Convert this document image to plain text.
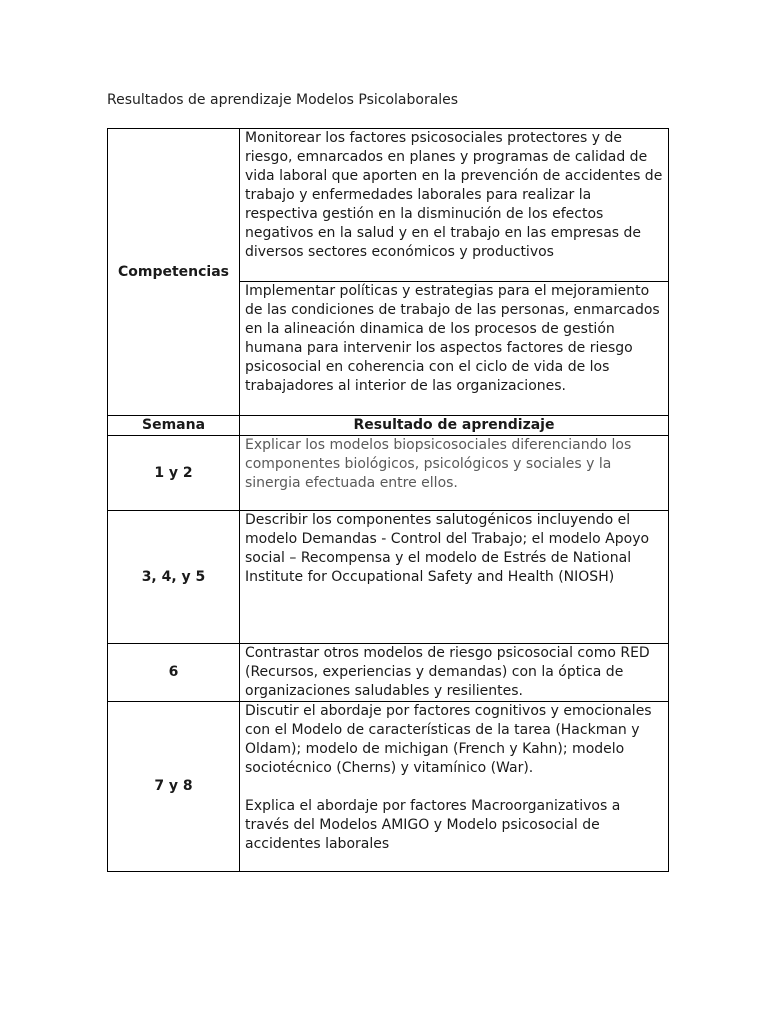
Resultados de aprendizaje Modelos Psicolaborales
Competencias	Monitorear los factores psicosociales protectores y de riesgo, emnarcados en planes y programas de calidad de vida laboral que aporten en la prevención de accidentes de trabajo y enfermedades laborales para realizar la respectiva gestión en la disminución de los efectos negativos en la salud y en el trabajo en las empresas de diversos sectores económicos y productivos
	Implementar políticas y estrategias para el mejoramiento de las condiciones de trabajo de las personas, enmarcados en la alineación dinamica de los procesos de gestión humana para intervenir los aspectos factores de riesgo psicosocial en coherencia con el ciclo de vida de los trabajadores al interior de las organizaciones.
Semana	Resultado de aprendizaje
1 y 2	Explicar los modelos biopsicosociales diferenciando los componentes biológicos, psicológicos y sociales y la sinergia efectuada entre ellos.
3, 4, y 5	Describir los componentes salutogénicos incluyendo el modelo Demandas - Control del Trabajo; el modelo Apoyo social – Recompensa y el modelo de Estrés de National Institute for Occupational Safety and Health (NIOSH)
6	Contrastar otros modelos de riesgo psicosocial como RED (Recursos, experiencias y demandas) con la óptica de organizaciones saludables y resilientes.
7 y 8	Discutir el abordaje por factores cognitivos y emocionales con el Modelo de características de la tarea (Hackman y Oldam); modelo de michigan (French y Kahn); modelo sociotécnico (Cherns) y vitamínico (War).
Explica el abordaje por factores Macroorganizativos a través del Modelos AMIGO y Modelo psicosocial de accidentes laborales
